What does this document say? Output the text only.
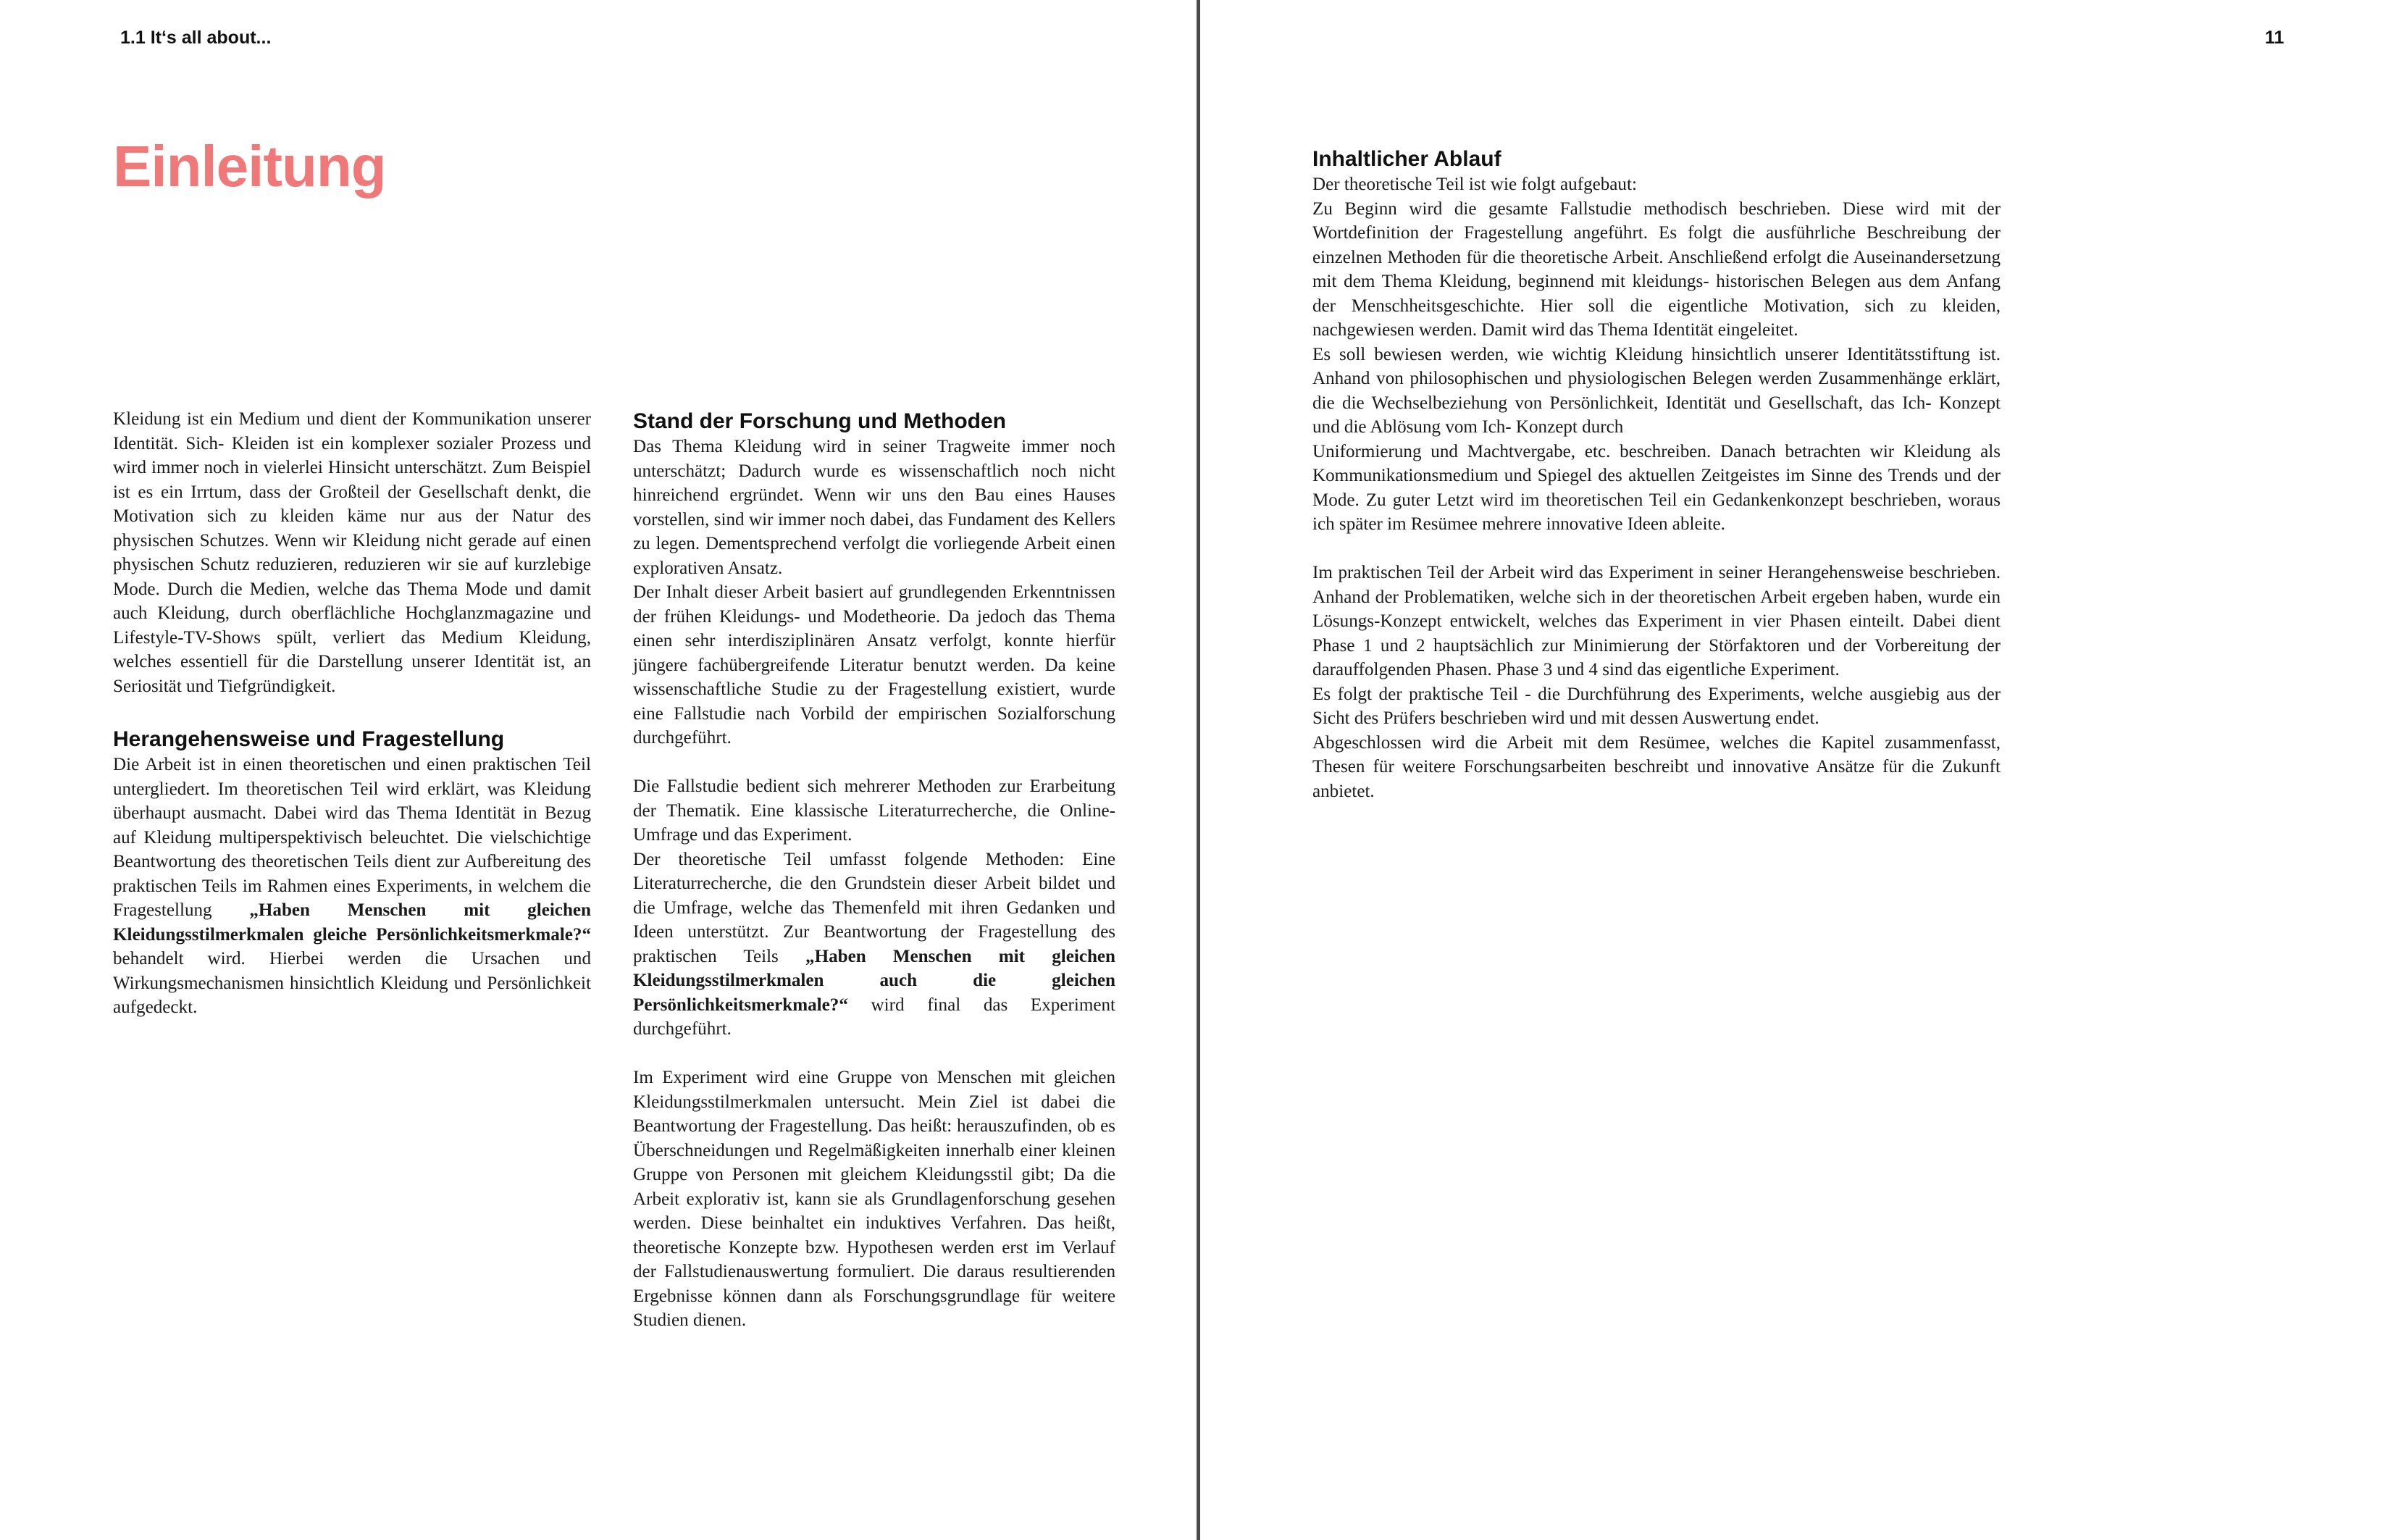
1.1 It‘s all about...	11
Einleitung

Kleidung ist ein Medium und dient der Kommunikation unserer Identität. Sich- Kleiden ist ein komplexer sozialer Prozess und wird immer noch in vielerlei Hinsicht unterschätzt. Zum Beispiel ist es ein Irrtum, dass der Großteil der Gesellschaft denkt, die Motivation sich zu kleiden käme nur aus der Natur des physischen Schutzes. Wenn wir Kleidung nicht gerade auf einen physischen Schutz reduzieren, reduzieren wir sie auf kurzlebige Mode. Durch die Medien, welche das Thema Mode und damit auch Kleidung, durch oberflächliche Hochglanzmagazine und Lifestyle-TV-Shows spült, verliert das Medium Kleidung, welches essentiell für die Darstellung unserer Identität ist, an Seriosität und Tiefgründigkeit.

Herangehensweise und Fragestellung

Die Arbeit ist in einen theoretischen und einen praktischen Teil untergliedert. Im theoretischen Teil wird erklärt, was Kleidung überhaupt ausmacht. Dabei wird das Thema Identität in Bezug auf Kleidung multiperspektivisch beleuchtet. Die vielschichtige Beantwortung des theoretischen Teils dient zur Aufbereitung des praktischen Teils im Rahmen eines Experiments, in welchem die Fragestellung „Haben Menschen mit gleichen Kleidungsstilmerkmalen gleiche Persönlichkeitsmerkmale?“ behandelt wird. Hierbei werden die Ursachen und Wirkungsmechanismen hinsichtlich Kleidung und Persönlichkeit aufgedeckt.

Stand der Forschung und Methoden

Das Thema Kleidung wird in seiner Tragweite immer noch unterschätzt; Dadurch wurde es wissenschaftlich noch nicht hinreichend ergründet. Wenn wir uns den Bau eines Hauses vorstellen, sind wir immer noch dabei, das Fundament des Kellers zu legen. Dementsprechend verfolgt die vorliegende Arbeit einen explorativen Ansatz.

Der Inhalt dieser Arbeit basiert auf grundlegenden Erkenntnissen der frühen Kleidungs- und Modetheorie. Da jedoch das Thema einen sehr interdisziplinären Ansatz verfolgt, konnte hierfür jüngere fachübergreifende Literatur benutzt werden. Da keine wissenschaftliche Studie zu der Fragestellung existiert, wurde eine Fallstudie nach Vorbild der empirischen Sozialforschung durchgeführt.

Die Fallstudie bedient sich mehrerer Methoden zur Erarbeitung der Thematik. Eine klassische Literaturrecherche, die Online-Umfrage und das Experiment.

Der theoretische Teil umfasst folgende Methoden: Eine Literaturrecherche, die den Grundstein dieser Arbeit bildet und die Umfrage, welche das Themenfeld mit ihren Gedanken und Ideen unterstützt. Zur Beantwortung der Fragestellung des praktischen Teils „Haben Menschen mit gleichen Kleidungsstilmerkmalen auch die gleichen Persönlichkeitsmerkmale?“ wird final das Experiment durchgeführt.

Im Experiment wird eine Gruppe von Menschen mit gleichen Kleidungsstilmerkmalen untersucht. Mein Ziel ist dabei die Beantwortung der Fragestellung. Das heißt: herauszufinden, ob es Überschneidungen und Regelmäßigkeiten innerhalb einer kleinen Gruppe von Personen mit gleichem Kleidungsstil gibt; Da die Arbeit explorativ ist, kann sie als Grundlagenforschung gesehen werden. Diese beinhaltet ein induktives Verfahren. Das heißt, theoretische Konzepte bzw. Hypothesen werden erst im Verlauf der Fallstudienauswertung formuliert. Die daraus resultierenden Ergebnisse können dann als Forschungsgrundlage für weitere Studien dienen.

Inhaltlicher Ablauf

Der theoretische Teil ist wie folgt aufgebaut:

Zu Beginn wird die gesamte Fallstudie methodisch beschrieben. Diese wird mit der Wortdefinition der Fragestellung angeführt. Es folgt die ausführliche Beschreibung der einzelnen Methoden für die theoretische Arbeit. Anschließend erfolgt die Auseinandersetzung mit dem Thema Kleidung, beginnend mit kleidungs- historischen Belegen aus dem Anfang der Menschheitsgeschichte. Hier soll die eigentliche Motivation, sich zu kleiden, nachgewiesen werden. Damit wird das Thema Identität eingeleitet.

Es soll bewiesen werden, wie wichtig Kleidung hinsichtlich unserer Identitätsstiftung ist. Anhand von philosophischen und physiologischen Belegen werden Zusammenhänge erklärt, die die Wechselbeziehung von Persönlichkeit, Identität und Gesellschaft, das Ich- Konzept und die Ablösung vom Ich- Konzept durch

Uniformierung und Machtvergabe, etc. beschreiben. Danach betrachten wir Kleidung als Kommunikationsmedium und Spiegel des aktuellen Zeitgeistes im Sinne des Trends und der Mode. Zu guter Letzt wird im theoretischen Teil ein Gedankenkonzept beschrieben, woraus ich später im Resümee mehrere innovative Ideen ableite.

Im praktischen Teil der Arbeit wird das Experiment in seiner Herangehensweise beschrieben. Anhand der Problematiken, welche sich in der theoretischen Arbeit ergeben haben, wurde ein Lösungs-Konzept entwickelt, welches das Experiment in vier Phasen einteilt. Dabei dient Phase 1 und 2 hauptsächlich zur Minimierung der Störfaktoren und der Vorbereitung der darauffolgenden Phasen. Phase 3 und 4 sind das eigentliche Experiment.

Es folgt der praktische Teil - die Durchführung des Experiments, welche ausgiebig aus der Sicht des Prüfers beschrieben wird und mit dessen Auswertung endet.

Abgeschlossen wird die Arbeit mit dem Resümee, welches die Kapitel zusammenfasst, Thesen für weitere Forschungsarbeiten beschreibt und innovative Ansätze für die Zukunft anbietet.
